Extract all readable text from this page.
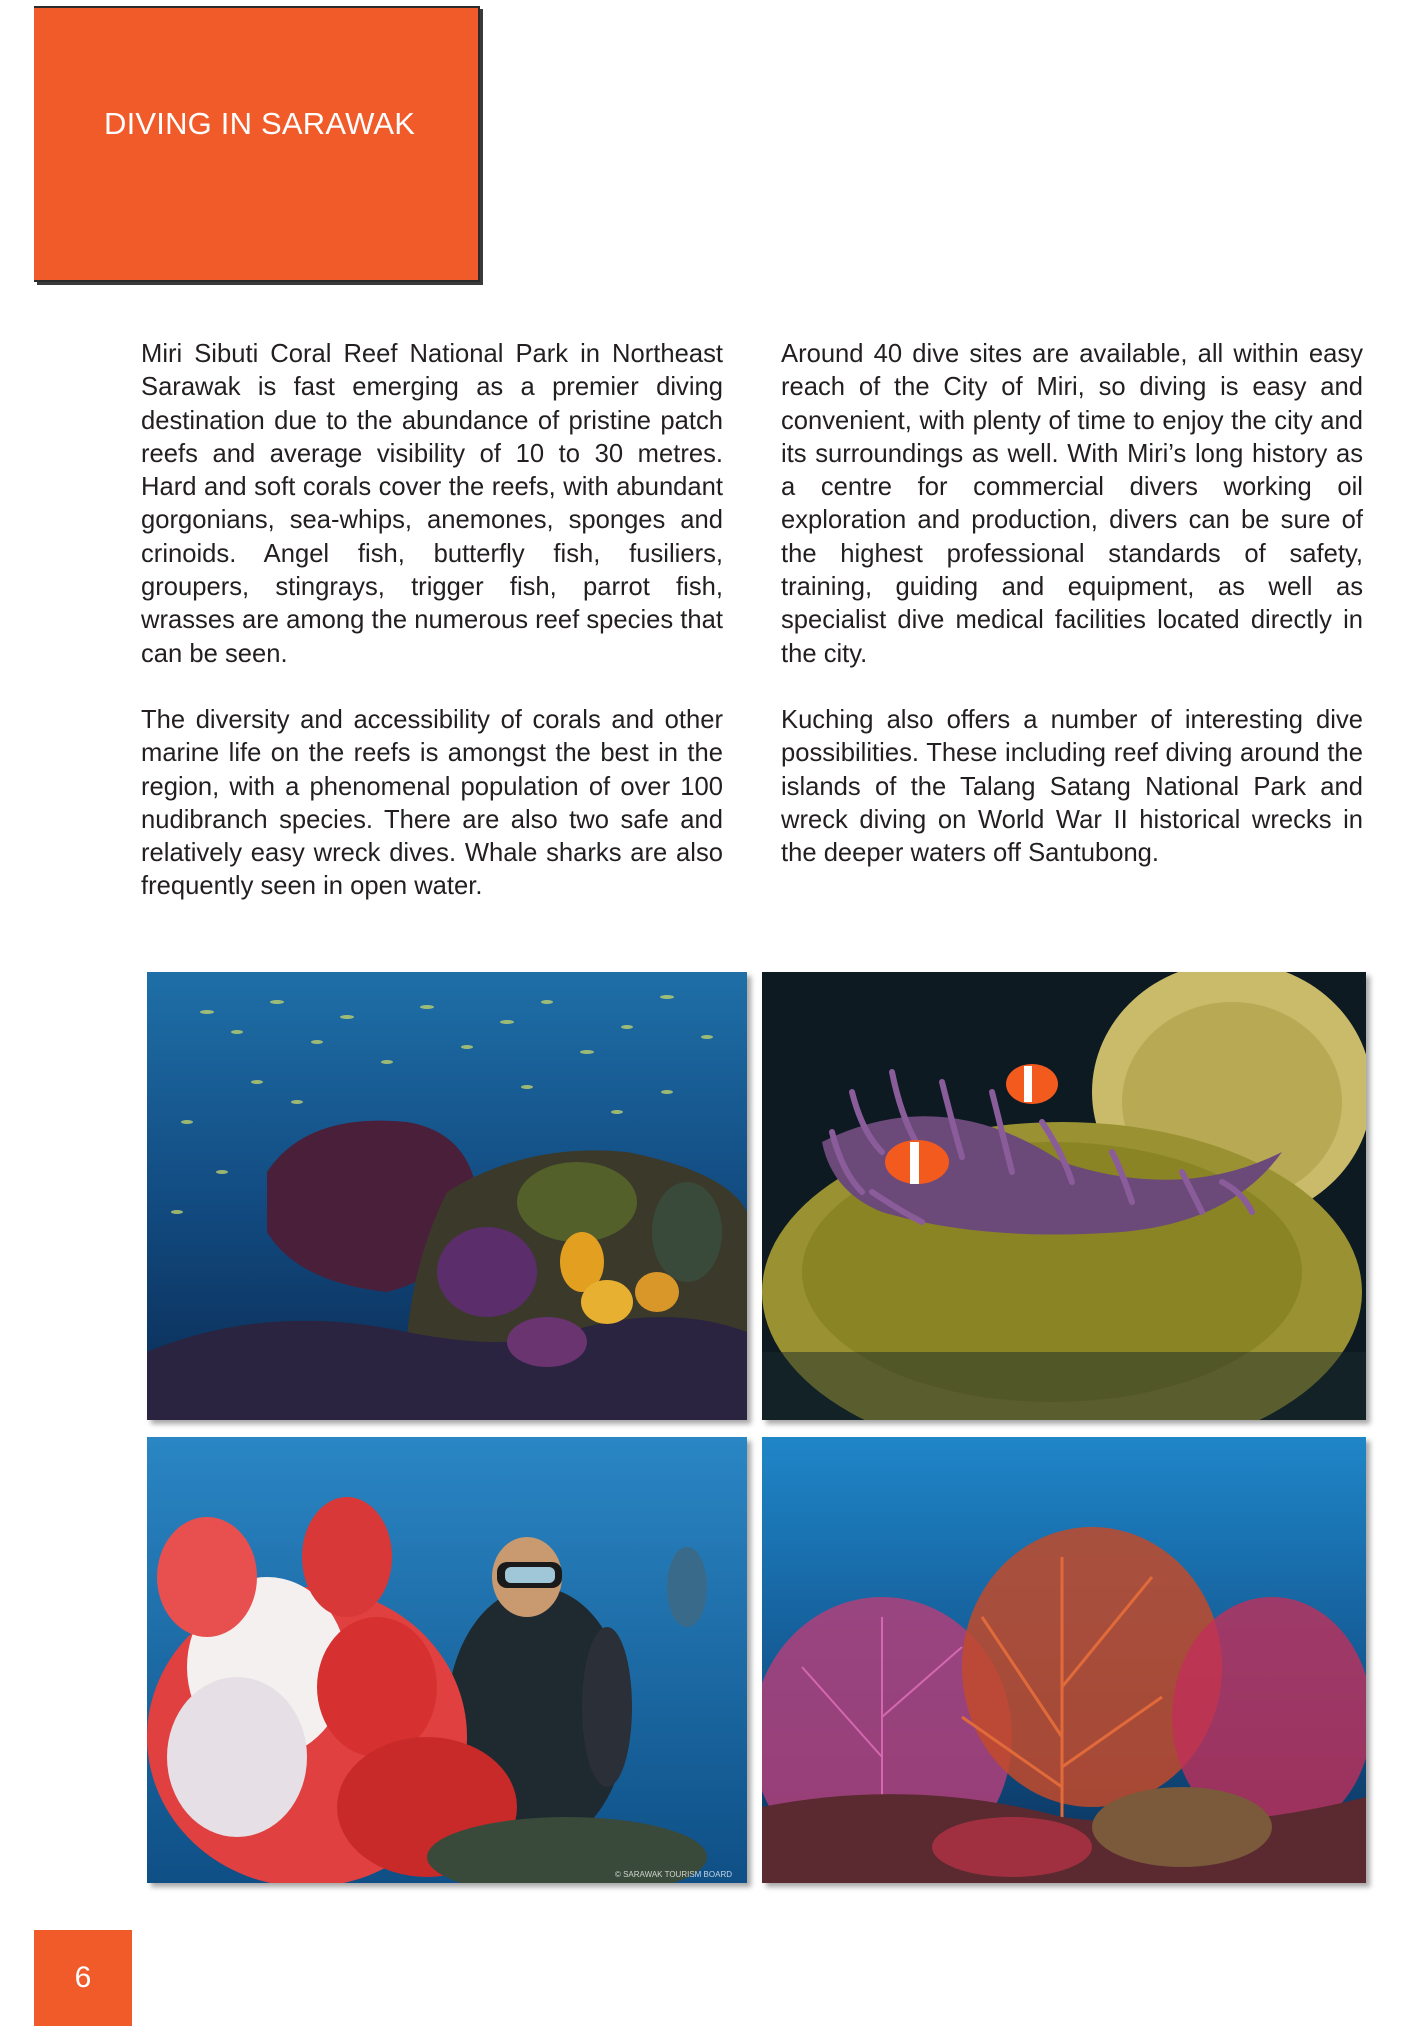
DIVING IN SARAWAK

Miri Sibuti Coral Reef National Park in Northeast Sarawak is fast emerging as a premier diving destination due to the abundance of pristine patch reefs and average visibility of 10 to 30 metres. Hard and soft corals cover the reefs, with abundant gorgonians, sea-whips, anemones, sponges and crinoids. Angel fish, butterfly fish, fusiliers, groupers, stingrays, trigger fish, parrot fish, wrasses are among the numerous reef species that can be seen.

The diversity and accessibility of corals and other marine life on the reefs is amongst the best in the region, with a phenomenal population of over 100 nudibranch species. There are also two safe and relatively easy wreck dives. Whale sharks are also frequently seen in open water.

Around 40 dive sites are available, all within easy reach of the City of Miri, so diving is easy and convenient, with plenty of time to enjoy the city and its surroundings as well. With Miri’s long history as a centre for commercial divers working oil exploration and production, divers can be sure of the highest professional standards of safety, training, guiding and equipment, as well as specialist dive medical facilities located directly in the city.

Kuching also offers a number of interesting dive possibilities. These including reef diving around the islands of the Talang Satang National Park and wreck diving on World War II historical wrecks in the deeper waters off Santubong.

© SARAWAK TOURISM BOARD
6
